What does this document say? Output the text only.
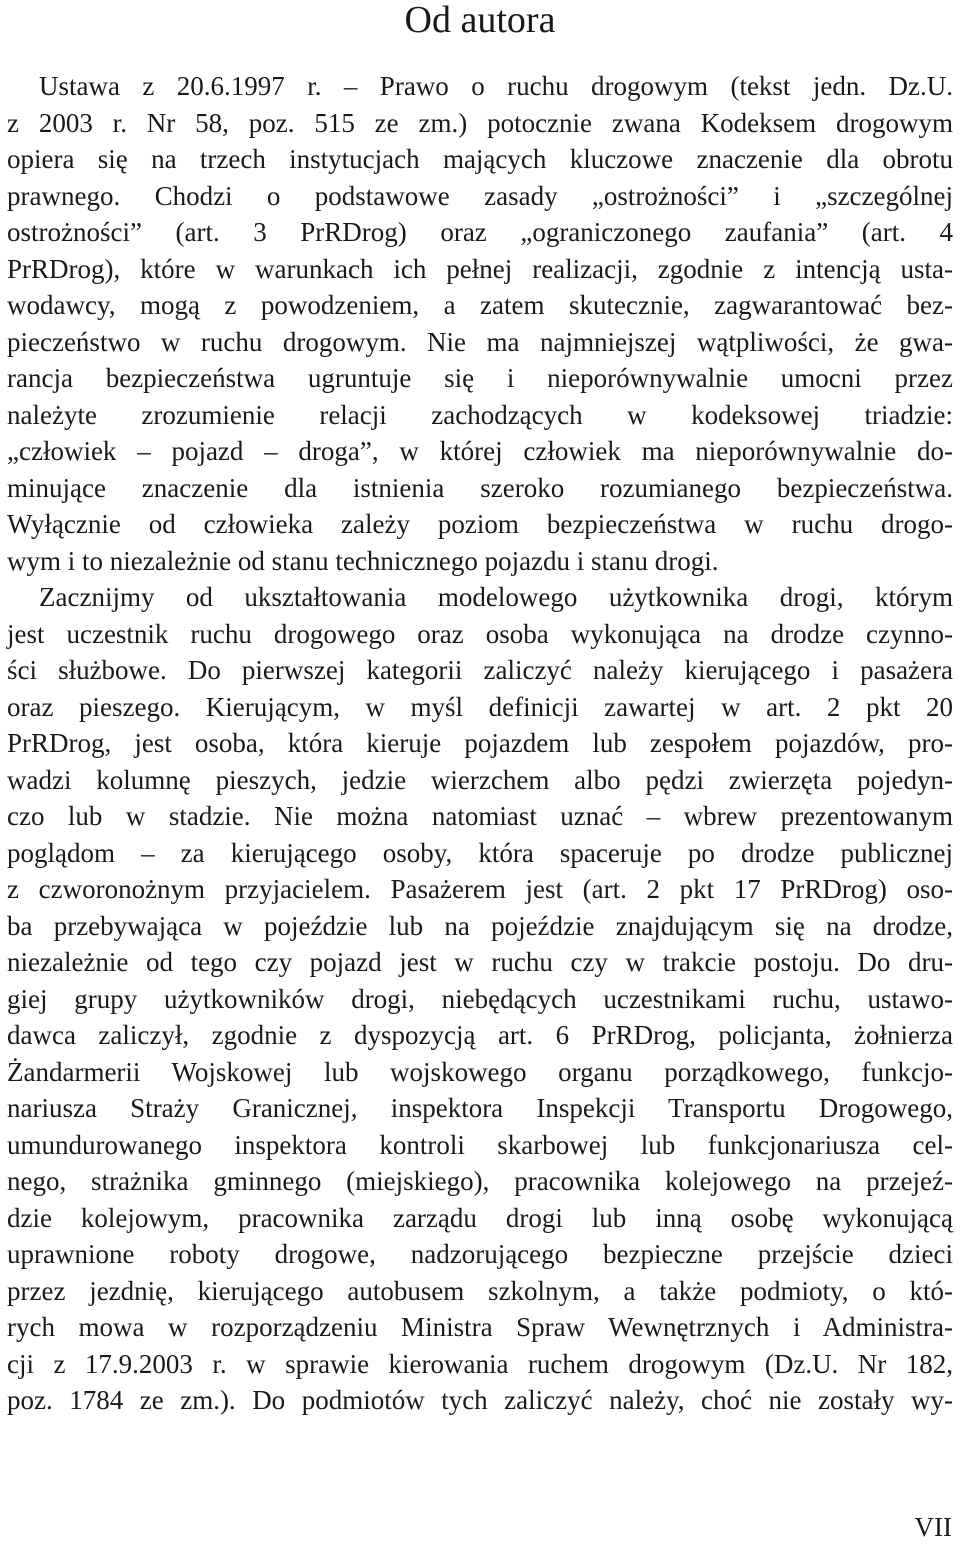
Od autora
Ustawa z 20.6.1997 r. – Prawo o ruchu drogowym (tekst jedn. Dz.U.
z 2003 r. Nr 58, poz. 515 ze zm.) potocznie zwana Kodeksem drogowym
opiera się na trzech instytucjach mających kluczowe znaczenie dla obrotu
prawnego. Chodzi o podstawowe zasady „ostrożności” i „szczególnej
ostrożności” (art. 3 PrRDrog) oraz „ograniczonego zaufania” (art. 4
PrRDrog), które w warunkach ich pełnej realizacji, zgodnie z intencją usta-
wodawcy, mogą z powodzeniem, a zatem skutecznie, zagwarantować bez-
pieczeństwo w ruchu drogowym. Nie ma najmniejszej wątpliwości, że gwa-
rancja bezpieczeństwa ugruntuje się i nieporównywalnie umocni przez
należyte zrozumienie relacji zachodzących w kodeksowej triadzie:
„człowiek – pojazd – droga”, w której człowiek ma nieporównywalnie do-
minujące znaczenie dla istnienia szeroko rozumianego bezpieczeństwa.
Wyłącznie od człowieka zależy poziom bezpieczeństwa w ruchu drogo-
wym i to niezależnie od stanu technicznego pojazdu i stanu drogi.
Zacznijmy od ukształtowania modelowego użytkownika drogi, którym
jest uczestnik ruchu drogowego oraz osoba wykonująca na drodze czynno-
ści służbowe. Do pierwszej kategorii zaliczyć należy kierującego i pasażera
oraz pieszego. Kierującym, w myśl definicji zawartej w art. 2 pkt 20
PrRDrog, jest osoba, która kieruje pojazdem lub zespołem pojazdów, pro-
wadzi kolumnę pieszych, jedzie wierzchem albo pędzi zwierzęta pojedyn-
czo lub w stadzie. Nie można natomiast uznać – wbrew prezentowanym
poglądom – za kierującego osoby, która spaceruje po drodze publicznej
z czworonożnym przyjacielem. Pasażerem jest (art. 2 pkt 17 PrRDrog) oso-
ba przebywająca w pojeździe lub na pojeździe znajdującym się na drodze,
niezależnie od tego czy pojazd jest w ruchu czy w trakcie postoju. Do dru-
giej grupy użytkowników drogi, niebędących uczestnikami ruchu, ustawo-
dawca zaliczył, zgodnie z dyspozycją art. 6 PrRDrog, policjanta, żołnierza
Żandarmerii Wojskowej lub wojskowego organu porządkowego, funkcjo-
nariusza Straży Granicznej, inspektora Inspekcji Transportu Drogowego,
umundurowanego inspektora kontroli skarbowej lub funkcjonariusza cel-
nego, strażnika gminnego (miejskiego), pracownika kolejowego na przejeź-
dzie kolejowym, pracownika zarządu drogi lub inną osobę wykonującą
uprawnione roboty drogowe, nadzorującego bezpieczne przejście dzieci
przez jezdnię, kierującego autobusem szkolnym, a także podmioty, o któ-
rych mowa w rozporządzeniu Ministra Spraw Wewnętrznych i Administra-
cji z 17.9.2003 r. w sprawie kierowania ruchem drogowym (Dz.U. Nr 182,
poz. 1784 ze zm.). Do podmiotów tych zaliczyć należy, choć nie zostały wy-
VII
